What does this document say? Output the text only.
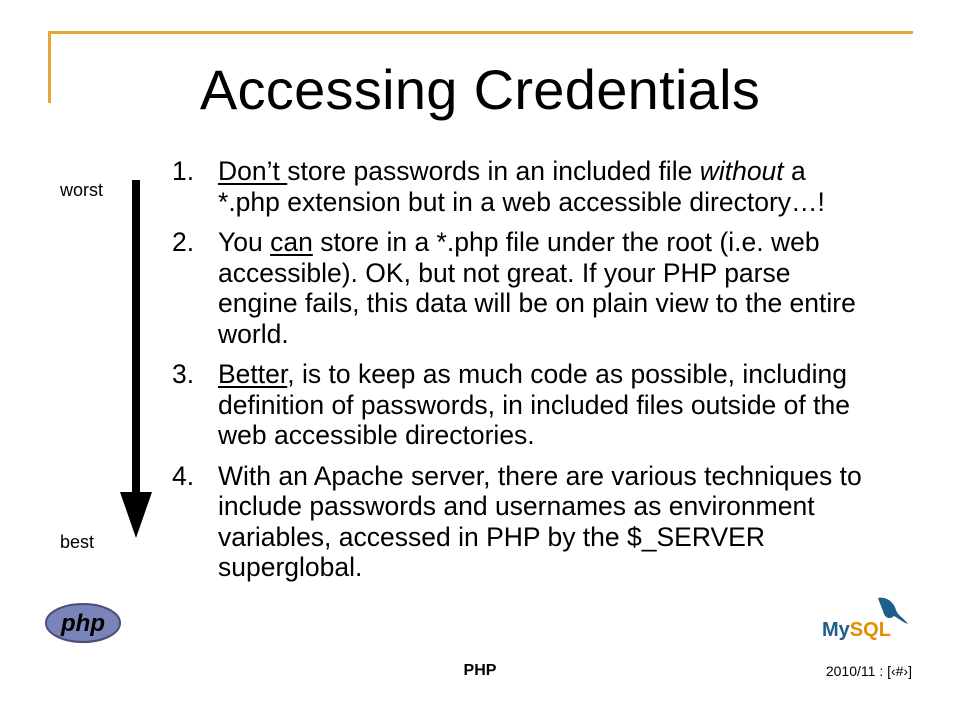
Accessing Credentials
worst
best
1. Don’t store passwords in an included file without a *.php extension but in a web accessible directory…!
2. You can store in a *.php file under the root (i.e. web accessible). OK, but not great. If your PHP parse engine fails, this data will be on plain view to the entire world.
3. Better, is to keep as much code as possible, including definition of passwords, in included files outside of the web accessible directories.
4. With an Apache server, there are various techniques to include passwords and usernames as environment variables, accessed in PHP by the $_SERVER superglobal.
php	MySQL
PHP	2010/11 : [‹#›]
